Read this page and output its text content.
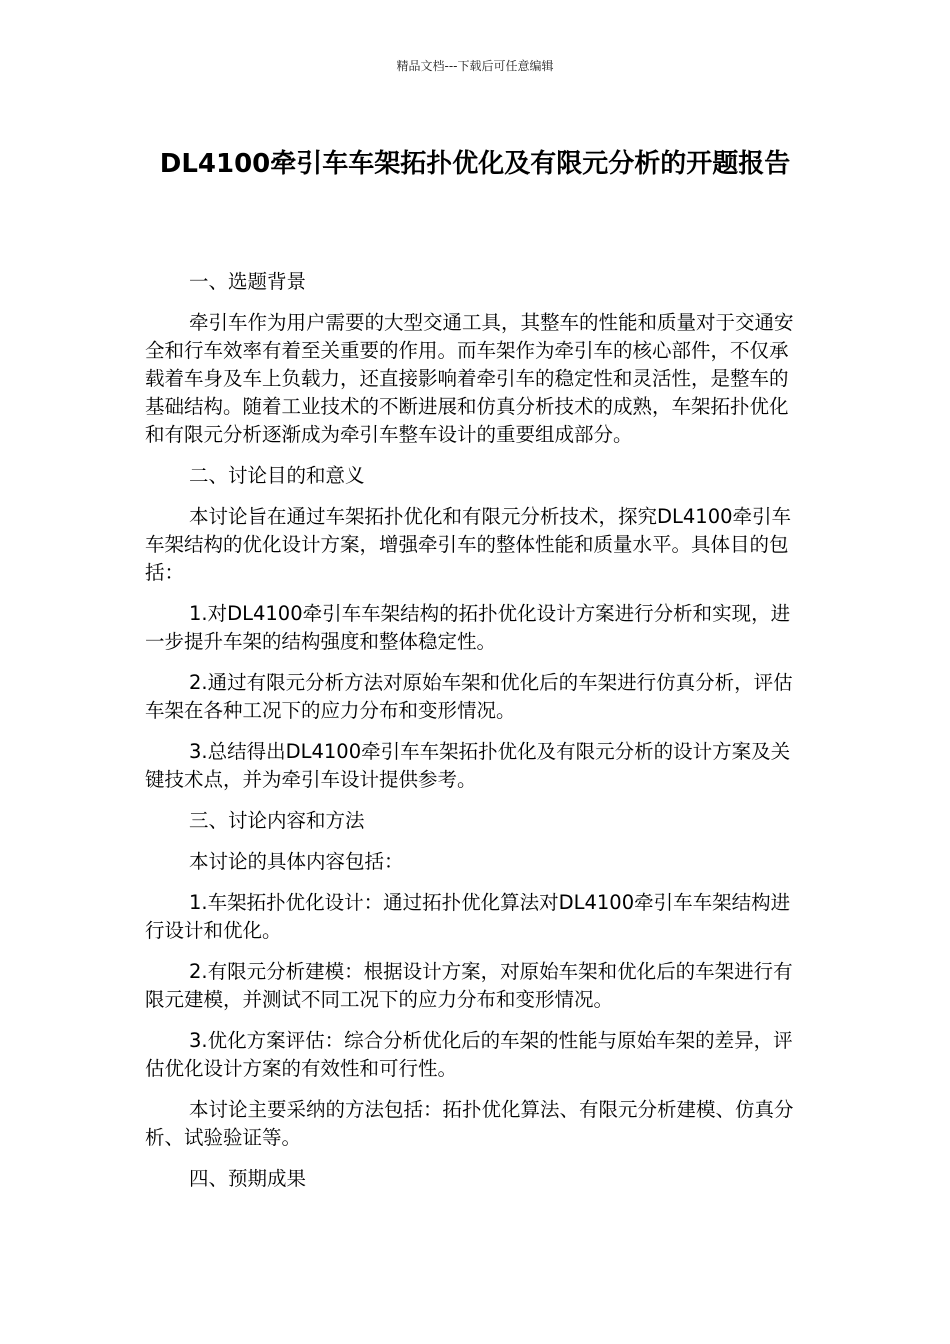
精品文档---下载后可任意编辑
DL4100牵引车车架拓扑优化及有限元分析的开题报告

一、选题背景

牵引车作为用户需要的大型交通工具，其整车的性能和质量对于交通安全和行车效率有着至关重要的作用。而车架作为牵引车的核心部件，不仅承载着车身及车上负载力，还直接影响着牵引车的稳定性和灵活性，是整车的基础结构。随着工业技术的不断进展和仿真分析技术的成熟，车架拓扑优化和有限元分析逐渐成为牵引车整车设计的重要组成部分。

二、讨论目的和意义

本讨论旨在通过车架拓扑优化和有限元分析技术，探究DL4100牵引车车架结构的优化设计方案，增强牵引车的整体性能和质量水平。具体目的包括：

1.对DL4100牵引车车架结构的拓扑优化设计方案进行分析和实现，进一步提升车架的结构强度和整体稳定性。

2.通过有限元分析方法对原始车架和优化后的车架进行仿真分析，评估车架在各种工况下的应力分布和变形情况。

3.总结得出DL4100牵引车车架拓扑优化及有限元分析的设计方案及关键技术点，并为牵引车设计提供参考。

三、讨论内容和方法

本讨论的具体内容包括：

1.车架拓扑优化设计：通过拓扑优化算法对DL4100牵引车车架结构进行设计和优化。

2.有限元分析建模：根据设计方案，对原始车架和优化后的车架进行有限元建模，并测试不同工况下的应力分布和变形情况。

3.优化方案评估：综合分析优化后的车架的性能与原始车架的差异，评估优化设计方案的有效性和可行性。

本讨论主要采纳的方法包括：拓扑优化算法、有限元分析建模、仿真分析、试验验证等。

四、预期成果
